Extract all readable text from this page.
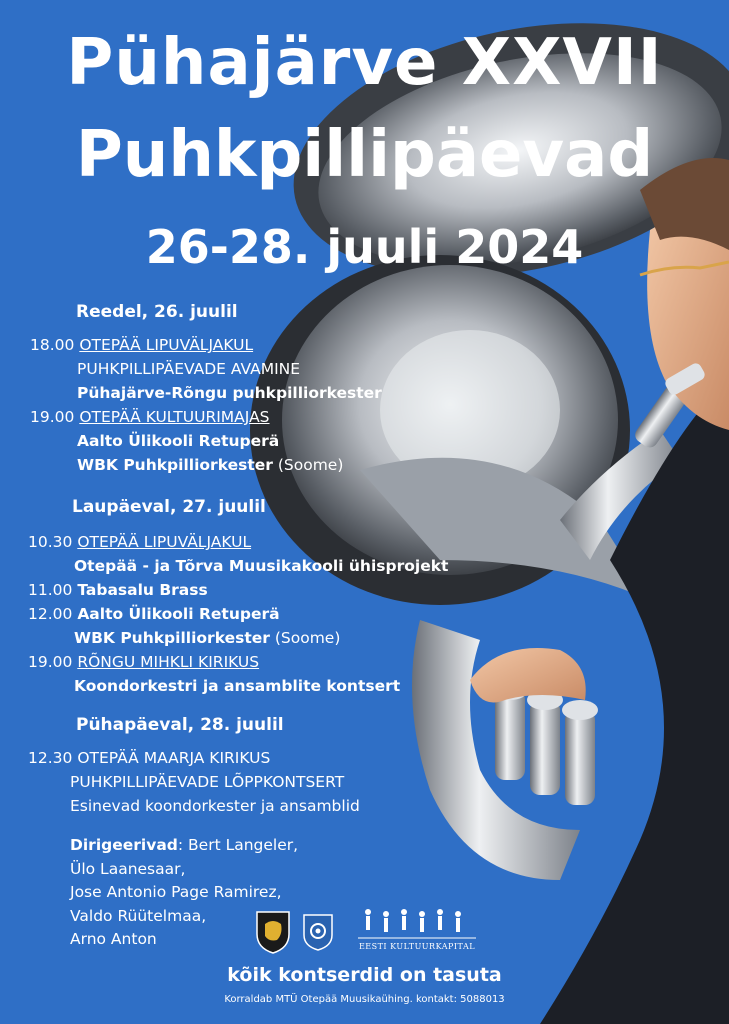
Pühajärve XXVII
Puhkpillipäevad
26-28. juuli 2024
Reedel, 26. juulil
18.00 OTEPÄÄ LIPUVÄLJAKUL
PUHKPILLIPÄEVADE AVAMINE
Pühajärve-Rõngu puhkpilliorkester
19.00 OTEPÄÄ KULTUURIMAJAS
Aalto Ülikooli Retuperä
WBK Puhkpilliorkester (Soome)
Laupäeval, 27. juulil
10.30 OTEPÄÄ LIPUVÄLJAKUL
Otepää - ja Tõrva Muusikakooli ühisprojekt
11.00 Tabasalu Brass
12.00 Aalto Ülikooli Retuperä
WBK Puhkpilliorkester (Soome)
19.00 RÕNGU MIHKLI KIRIKUS
Koondorkestri ja ansamblite kontsert
Pühapäeval, 28. juulil
12.30 OTEPÄÄ MAARJA KIRIKUS
PUHKPILLIPÄEVADE LÕPPKONTSERT
Esinevad koondorkester ja ansamblid
Dirigeerivad: Bert Langeler,
Ülo Laanesaar,
Jose Antonio Page Ramirez,
Valdo Rüütelmaa,
Arno Anton	EESTI KULTUURKAPITAL
kõik kontserdid on tasuta
Korraldab MTÜ Otepää Muusikaühing. kontakt: 5088013
